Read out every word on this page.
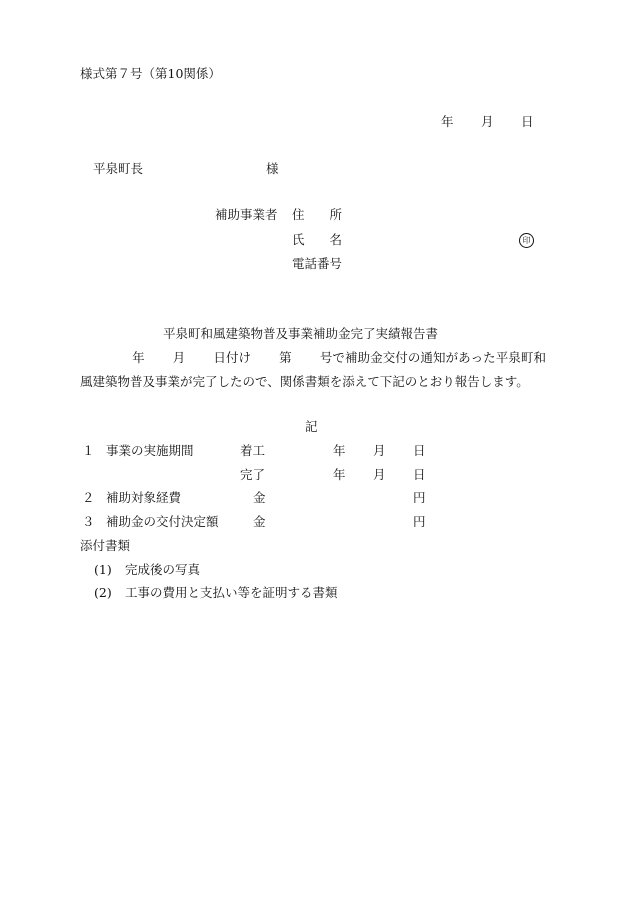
様式第７号（第10関係）
年 月 日
平泉町長	様
補助事業者 住　　所
氏　　名	印
電話番号
平泉町和風建築物普及事業補助金完了実績報告書
年 月 日付け 第 号で補助金交付の通知があった平泉町和風建築物普及事業が完了したので、関係書類を添えて下記のとおり報告します。
記
１ 事業の実施期間	着工	年 月 日
完了	年 月 日
２ 補助対象経費	金	円
３ 補助金の交付決定額	金	円
添付書類
(1) 完成後の写真
(2) 工事の費用と支払い等を証明する書類
